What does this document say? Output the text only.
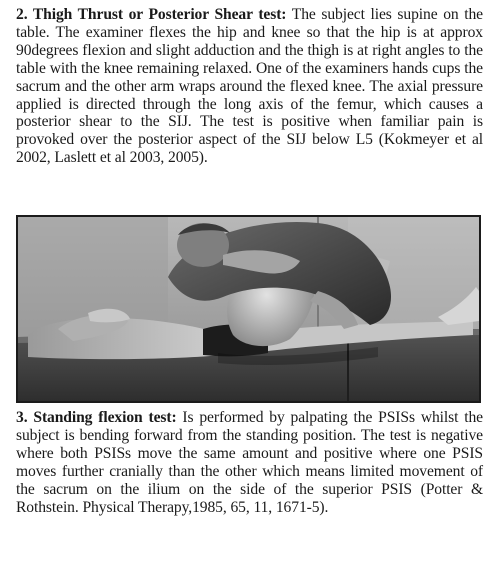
2. Thigh Thrust or Posterior Shear test: The subject lies supine on the table. The examiner flexes the hip and knee so that the hip is at approx 90degrees flexion and slight adduction and the thigh is at right angles to the table with the knee remaining relaxed. One of the examiners hands cups the sacrum and the other arm wraps around the flexed knee. The axial pressure applied is directed through the long axis of the femur, which causes a posterior shear to the SIJ. The test is positive when familiar pain is provoked over the posterior aspect of the SIJ below L5 (Kokmeyer et al 2002, Laslett et al 2003, 2005).

3. Standing flexion test: Is performed by palpating the PSISs whilst the subject is bending forward from the standing position. The test is negative where both PSISs move the same amount and positive where one PSIS moves further cranially than the other which means limited movement of the sacrum on the ilium on the side of the superior PSIS (Potter & Rothstein. Physical Therapy,1985, 65, 11, 1671-5).
